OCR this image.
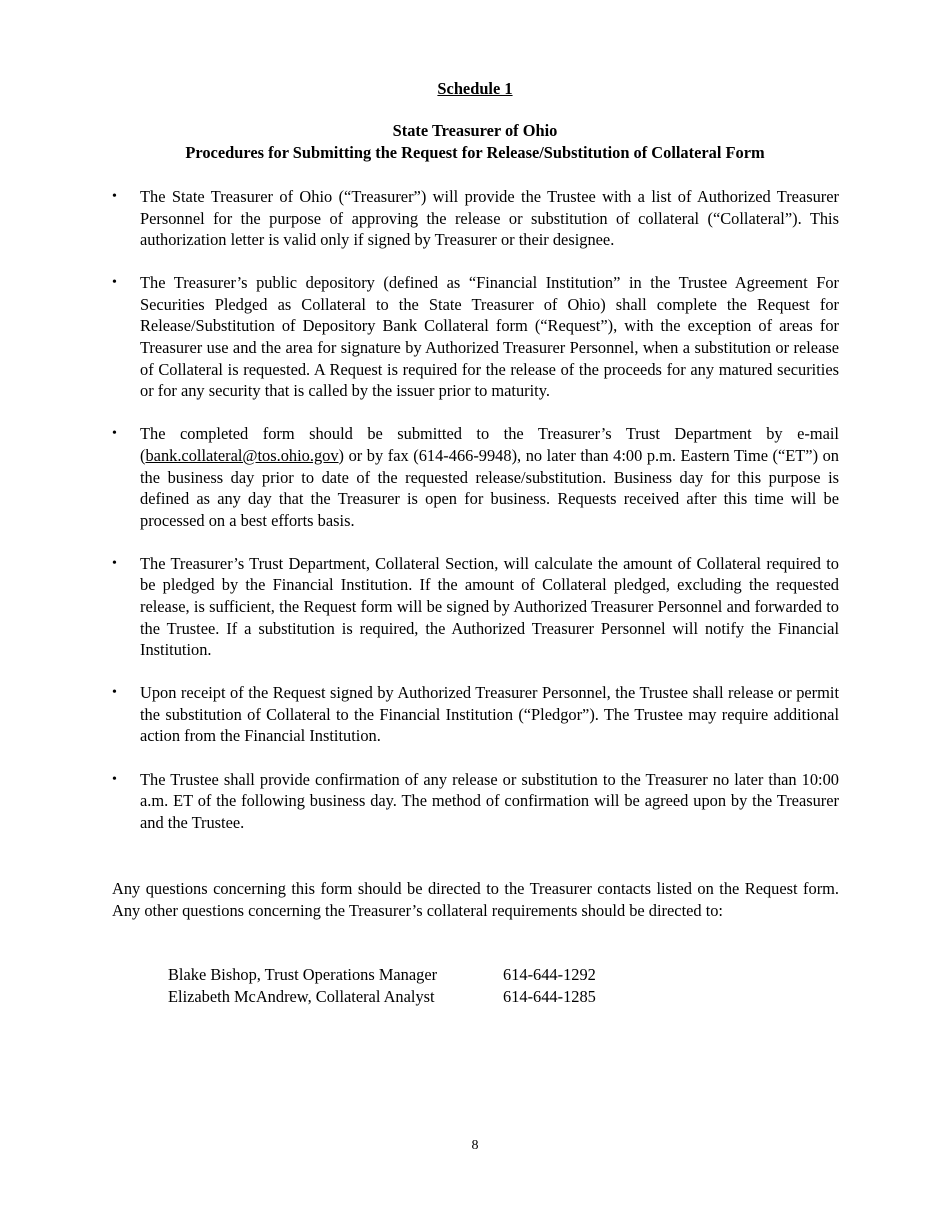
Schedule 1
State Treasurer of Ohio
Procedures for Submitting the Request for Release/Substitution of Collateral Form
• The State Treasurer of Ohio (“Treasurer”) will provide the Trustee with a list of Authorized Treasurer Personnel for the purpose of approving the release or substitution of collateral (“Collateral”). This authorization letter is valid only if signed by Treasurer or their designee.
• The Treasurer’s public depository (defined as “Financial Institution” in the Trustee Agreement For Securities Pledged as Collateral to the State Treasurer of Ohio) shall complete the Request for Release/Substitution of Depository Bank Collateral form (“Request”), with the exception of areas for Treasurer use and the area for signature by Authorized Treasurer Personnel, when a substitution or release of Collateral is requested. A Request is required for the release of the proceeds for any matured securities or for any security that is called by the issuer prior to maturity.
• The completed form should be submitted to the Treasurer’s Trust Department by e-mail (bank.collateral@tos.ohio.gov) or by fax (614-466-9948), no later than 4:00 p.m. Eastern Time (“ET”) on the business day prior to date of the requested release/substitution. Business day for this purpose is defined as any day that the Treasurer is open for business. Requests received after this time will be processed on a best efforts basis.
• The Treasurer’s Trust Department, Collateral Section, will calculate the amount of Collateral required to be pledged by the Financial Institution. If the amount of Collateral pledged, excluding the requested release, is sufficient, the Request form will be signed by Authorized Treasurer Personnel and forwarded to the Trustee. If a substitution is required, the Authorized Treasurer Personnel will notify the Financial Institution.
• Upon receipt of the Request signed by Authorized Treasurer Personnel, the Trustee shall release or permit the substitution of Collateral to the Financial Institution (“Pledgor”). The Trustee may require additional action from the Financial Institution.
• The Trustee shall provide confirmation of any release or substitution to the Treasurer no later than 10:00 a.m. ET of the following business day. The method of confirmation will be agreed upon by the Treasurer and the Trustee.
Any questions concerning this form should be directed to the Treasurer contacts listed on the Request form. Any other questions concerning the Treasurer’s collateral requirements should be directed to:
Blake Bishop, Trust Operations Manager	614-644-1292
Elizabeth McAndrew, Collateral Analyst	614-644-1285
8
